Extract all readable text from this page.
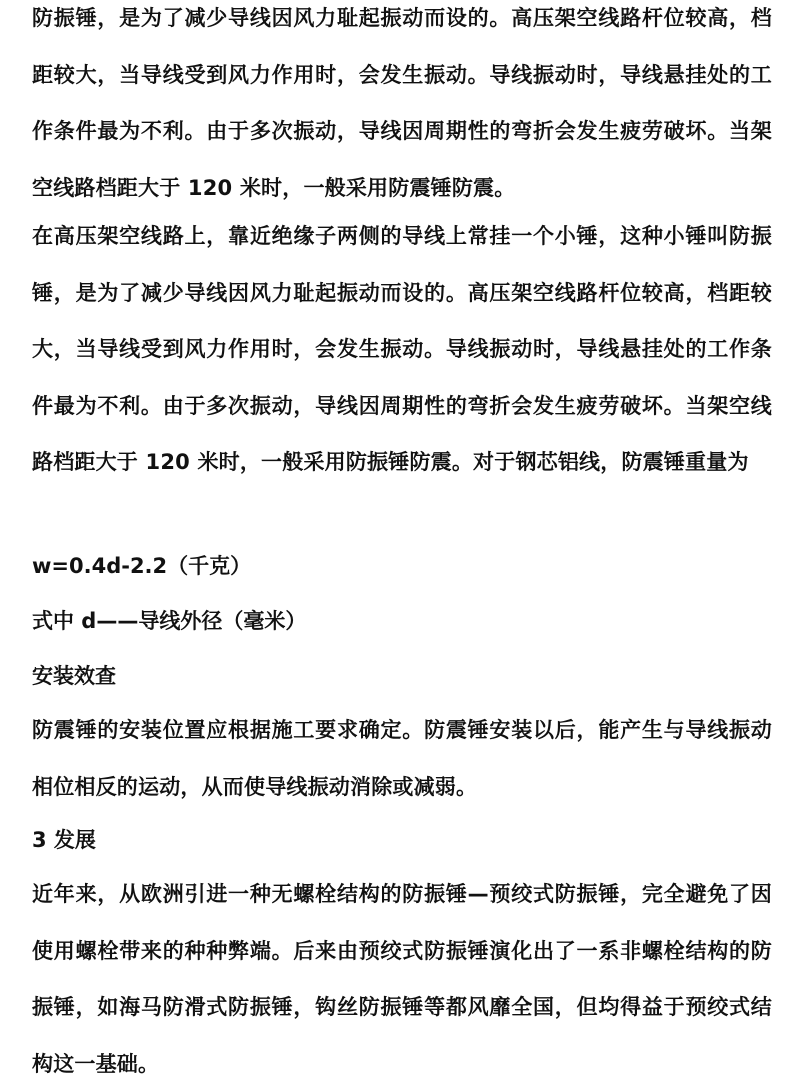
防振锤，是为了减少导线因风力耻起振动而设的。高压架空线路杆位较高，档距较大，当导线受到风力作用时，会发生振动。导线振动时，导线悬挂处的工作条件最为不利。由于多次振动，导线因周期性的弯折会发生疲劳破坏。当架空线路档距大于 120 米时，一般采用防震锤防震。

在高压架空线路上，靠近绝缘子两侧的导线上常挂一个小锤，这种小锤叫防振锤，是为了减少导线因风力耻起振动而设的。高压架空线路杆位较高，档距较大，当导线受到风力作用时，会发生振动。导线振动时，导线悬挂处的工作条件最为不利。由于多次振动，导线因周期性的弯折会发生疲劳破坏。当架空线路档距大于 120 米时，一般采用防振锤防震。对于钢芯铝线，防震锤重量为

w=0.4d-2.2（千克）

式中 d——导线外径（毫米）

安装效查

防震锤的安装位置应根据施工要求确定。防震锤安装以后，能产生与导线振动相位相反的运动，从而使导线振动消除或减弱。

3 发展

近年来，从欧洲引进一种无螺栓结构的防振锤—预绞式防振锤，完全避免了因使用螺栓带来的种种弊端。后来由预绞式防振锤演化出了一系非螺栓结构的防振锤，如海马防滑式防振锤，钩丝防振锤等都风靡全国，但均得益于预绞式结构这一基础。
